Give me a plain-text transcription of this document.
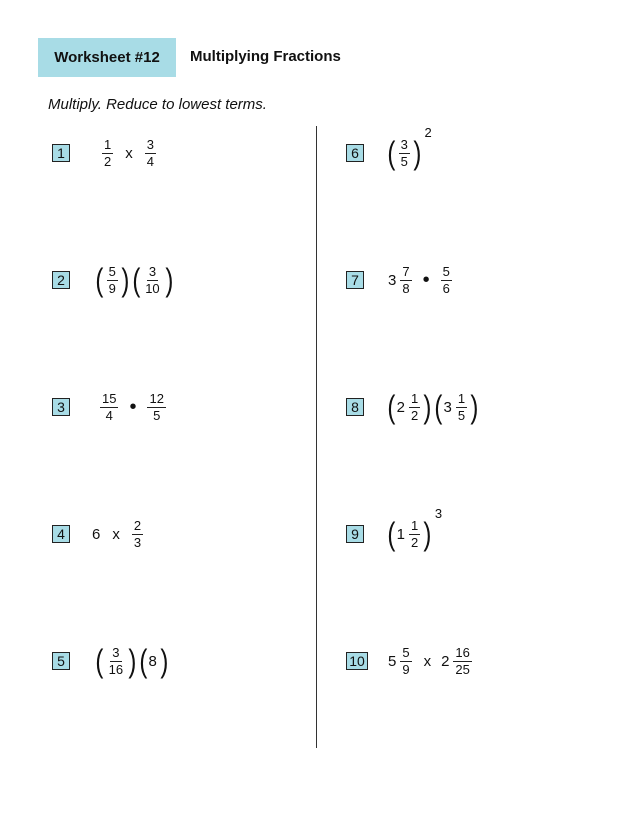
Worksheet #12	Multiplying Fractions
Multiply. Reduce to lowest terms.
1	$\frac{1}{2}$ x $\frac{3}{4}$
2 ( $\frac{5}{9}$ ) ( $\frac{3}{10}$ )
3	$\frac{15}{4}$ • $\frac{12}{5}$
4	6 x $\frac{2}{3}$
5 ( $\frac{3}{16}$ ) ( 8 )
6 ( $\frac{3}{5}$ )
2
7	$3 \frac{7}{8}$ • $\frac{5}{6}$
8 ( $2 \frac{1}{2}$ ) ( $3 \frac{1}{5}$ )
9 ( $1 \frac{1}{2}$ )
3
10 $5 \frac{5}{9}$ x $2 \frac{16}{25}$
